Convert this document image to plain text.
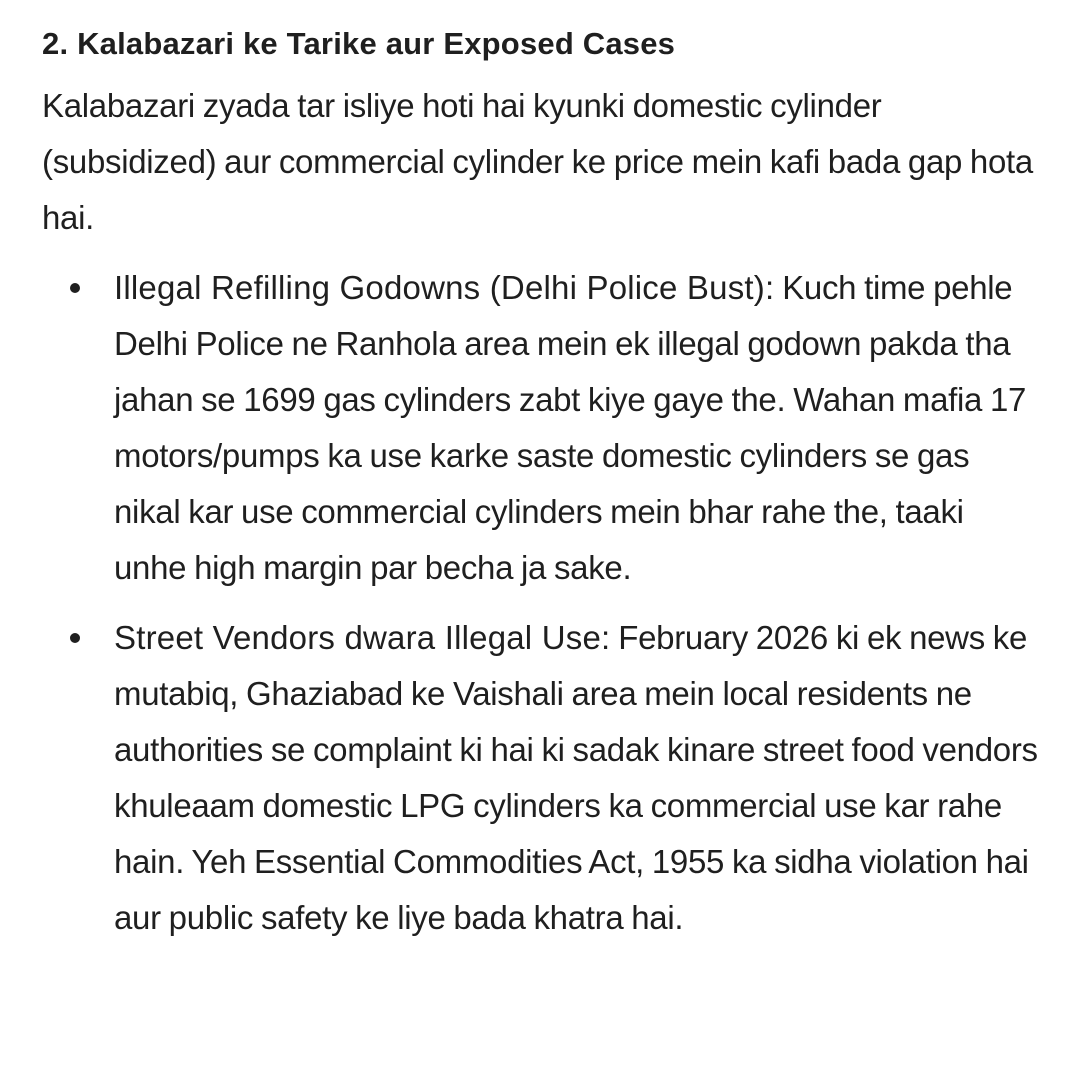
2. Kalabazari ke Tarike aur Exposed Cases

Kalabazari zyada tar isliye hoti hai kyunki domestic cylinder (subsidized) aur commercial cylinder ke price mein kafi bada gap hota hai.

Illegal Refilling Godowns (Delhi Police Bust): Kuch time pehle Delhi Police ne Ranhola area mein ek illegal godown pakda tha jahan se 1699 gas cylinders zabt kiye gaye the. Wahan mafia 17 motors/pumps ka use karke saste domestic cylinders se gas nikal kar use commercial cylinders mein bhar rahe the, taaki unhe high margin par becha ja sake.
Street Vendors dwara Illegal Use: February 2026 ki ek news ke mutabiq, Ghaziabad ke Vaishali area mein local residents ne authorities se complaint ki hai ki sadak kinare street food vendors khuleaam domestic LPG cylinders ka commercial use kar rahe hain. Yeh Essential Commodities Act, 1955 ka sidha violation hai aur public safety ke liye bada khatra hai.
